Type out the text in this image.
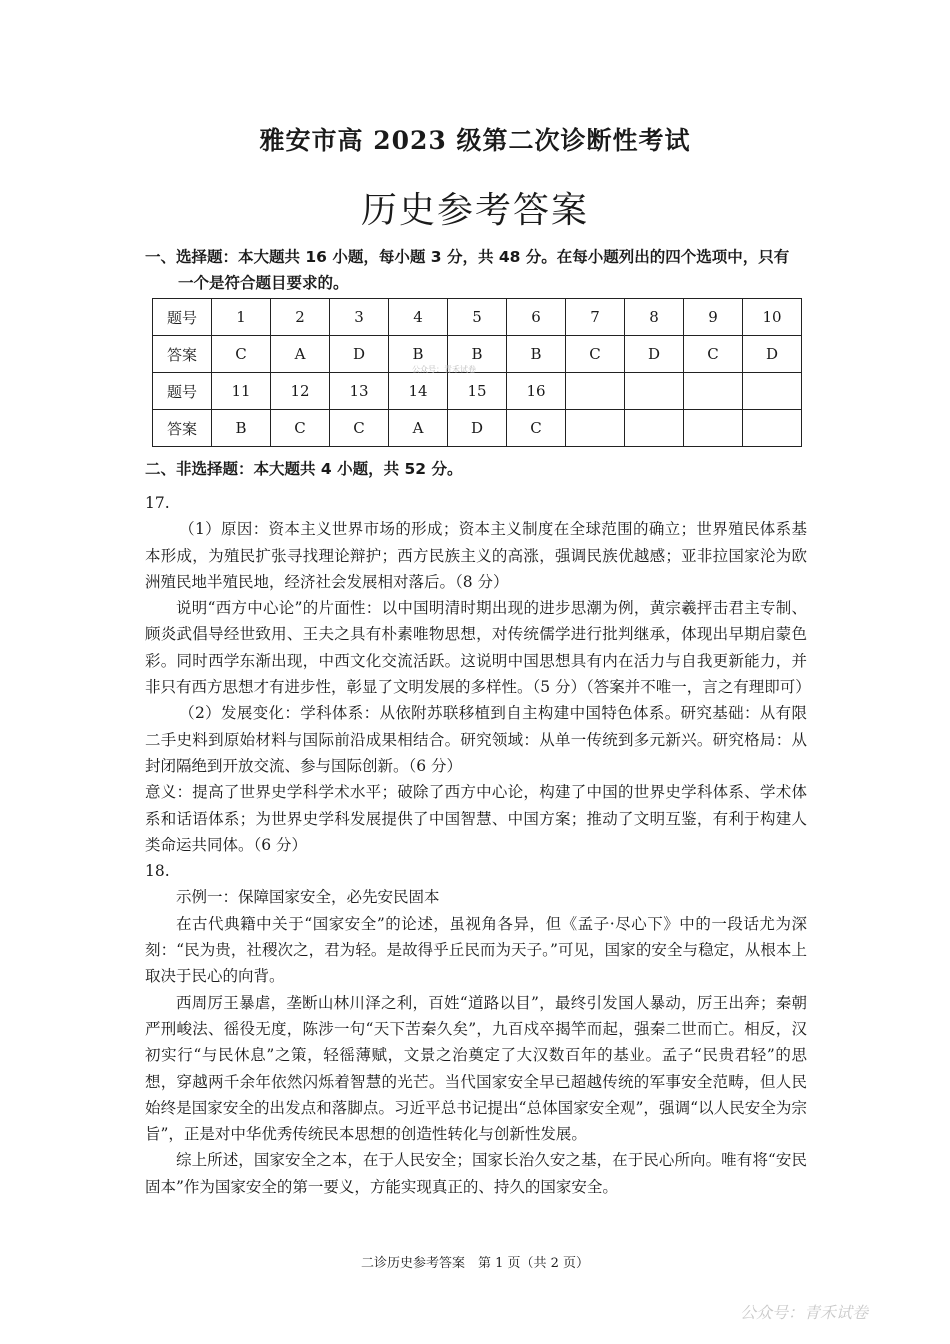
雅安市高 2023 级第二次诊断性考试
历史参考答案
一、选择题：本大题共 16 小题，每小题 3 分，共 48 分。在每小题列出的四个选项中，只有
一个是符合题目要求的。
题号	1	2	3	4	5	6	7	8	9	10
答案	C	A	D	B	B	B	C	D	C	D
题号	11	12	13	14	15	16				
答案	B	C	C	A	D	C				
公众号：青禾试卷
二、非选择题：本大题共 4 小题，共 52 分。

17.

（1）原因：资本主义世界市场的形成；资本主义制度在全球范围的确立；世界殖民体系基本形成，为殖民扩张寻找理论辩护；西方民族主义的高涨，强调民族优越感；亚非拉国家沦为欧洲殖民地半殖民地，经济社会发展相对落后。（8 分）

说明“西方中心论”的片面性：以中国明清时期出现的进步思潮为例，黄宗羲抨击君主专制、顾炎武倡导经世致用、王夫之具有朴素唯物思想，对传统儒学进行批判继承，体现出早期启蒙色彩。同时西学东渐出现，中西文化交流活跃。这说明中国思想具有内在活力与自我更新能力，并非只有西方思想才有进步性，彰显了文明发展的多样性。（5 分）（答案并不唯一，言之有理即可）

（2）发展变化：学科体系：从依附苏联移植到自主构建中国特色体系。研究基础：从有限二手史料到原始材料与国际前沿成果相结合。研究领域：从单一传统到多元新兴。研究格局：从封闭隔绝到开放交流、参与国际创新。（6 分）

意义：提高了世界史学科学术水平；破除了西方中心论，构建了中国的世界史学科体系、学术体系和话语体系；为世界史学科发展提供了中国智慧、中国方案；推动了文明互鉴，有利于构建人类命运共同体。（6 分）

18.

示例一：保障国家安全，必先安民固本

在古代典籍中关于“国家安全”的论述，虽视角各异，但《孟子·尽心下》中的一段话尤为深刻：“民为贵，社稷次之，君为轻。是故得乎丘民而为天子。”可见，国家的安全与稳定，从根本上取决于民心的向背。

西周厉王暴虐，垄断山林川泽之利，百姓“道路以目”，最终引发国人暴动，厉王出奔；秦朝严刑峻法、徭役无度，陈涉一句“天下苦秦久矣”，九百戍卒揭竿而起，强秦二世而亡。相反，汉初实行“与民休息”之策，轻徭薄赋，文景之治奠定了大汉数百年的基业。孟子“民贵君轻”的思想，穿越两千余年依然闪烁着智慧的光芒。当代国家安全早已超越传统的军事安全范畴，但人民始终是国家安全的出发点和落脚点。习近平总书记提出“总体国家安全观”，强调“以人民安全为宗旨”，正是对中华优秀传统民本思想的创造性转化与创新性发展。

综上所述，国家安全之本，在于人民安全；国家长治久安之基，在于民心所向。唯有将“安民固本”作为国家安全的第一要义，方能实现真正的、持久的国家安全。

二诊历史参考答案　第 1 页（共 2 页）
公众号：青禾试卷
